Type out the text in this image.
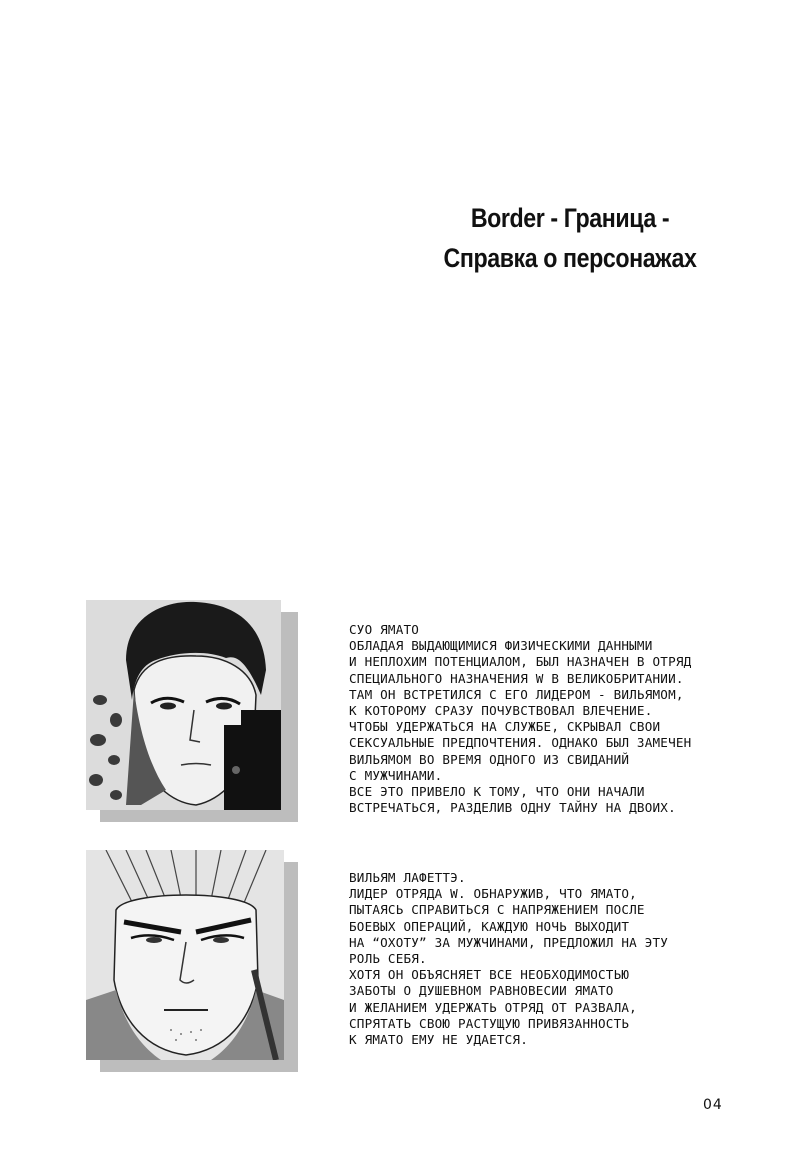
Border - Граница -
Справка о персонажах
СУО ЯМАТО
ОБЛАДАЯ ВЫДАЮЩИМИСЯ ФИЗИЧЕСКИМИ ДАННЫМИ
И НЕПЛОХИМ ПОТЕНЦИАЛОМ, БЫЛ НАЗНАЧЕН В ОТРЯД
СПЕЦИАЛЬНОГО НАЗНАЧЕНИЯ W В ВЕЛИКОБРИТАНИИ.
ТАМ ОН ВСТРЕТИЛСЯ С ЕГО ЛИДЕРОМ - ВИЛЬЯМОМ,
К КОТОРОМУ СРАЗУ ПОЧУВСТВОВАЛ ВЛЕЧЕНИЕ.
ЧТОБЫ УДЕРЖАТЬСЯ НА СЛУЖБЕ, СКРЫВАЛ СВОИ
СЕКСУАЛЬНЫЕ ПРЕДПОЧТЕНИЯ. ОДНАКО БЫЛ ЗАМЕЧЕН
ВИЛЬЯМОМ ВО ВРЕМЯ ОДНОГО ИЗ СВИДАНИЙ
С МУЖЧИНАМИ.
ВСЕ ЭТО ПРИВЕЛО К ТОМУ, ЧТО ОНИ НАЧАЛИ
ВСТРЕЧАТЬСЯ, РАЗДЕЛИВ ОДНУ ТАЙНУ НА ДВОИХ.
ВИЛЬЯМ ЛАФЕТТЭ.
ЛИДЕР ОТРЯДА W. ОБНАРУЖИВ, ЧТО ЯМАТО,
ПЫТАЯСЬ СПРАВИТЬСЯ С НАПРЯЖЕНИЕМ ПОСЛЕ
БОЕВЫХ ОПЕРАЦИЙ, КАЖДУЮ НОЧЬ ВЫХОДИТ
НА “ОХОТУ” ЗА МУЖЧИНАМИ, ПРЕДЛОЖИЛ НА ЭТУ
РОЛЬ СЕБЯ.
ХОТЯ ОН ОБЪЯСНЯЕТ ВСЕ НЕОБХОДИМОСТЬЮ
ЗАБОТЫ О ДУШЕВНОМ РАВНОВЕСИИ ЯМАТО
И ЖЕЛАНИЕМ УДЕРЖАТЬ ОТРЯД ОТ РАЗВАЛА,
СПРЯТАТЬ СВОЮ РАСТУЩУЮ ПРИВЯЗАННОСТЬ
К ЯМАТО ЕМУ НЕ УДАЕТСЯ.
04
